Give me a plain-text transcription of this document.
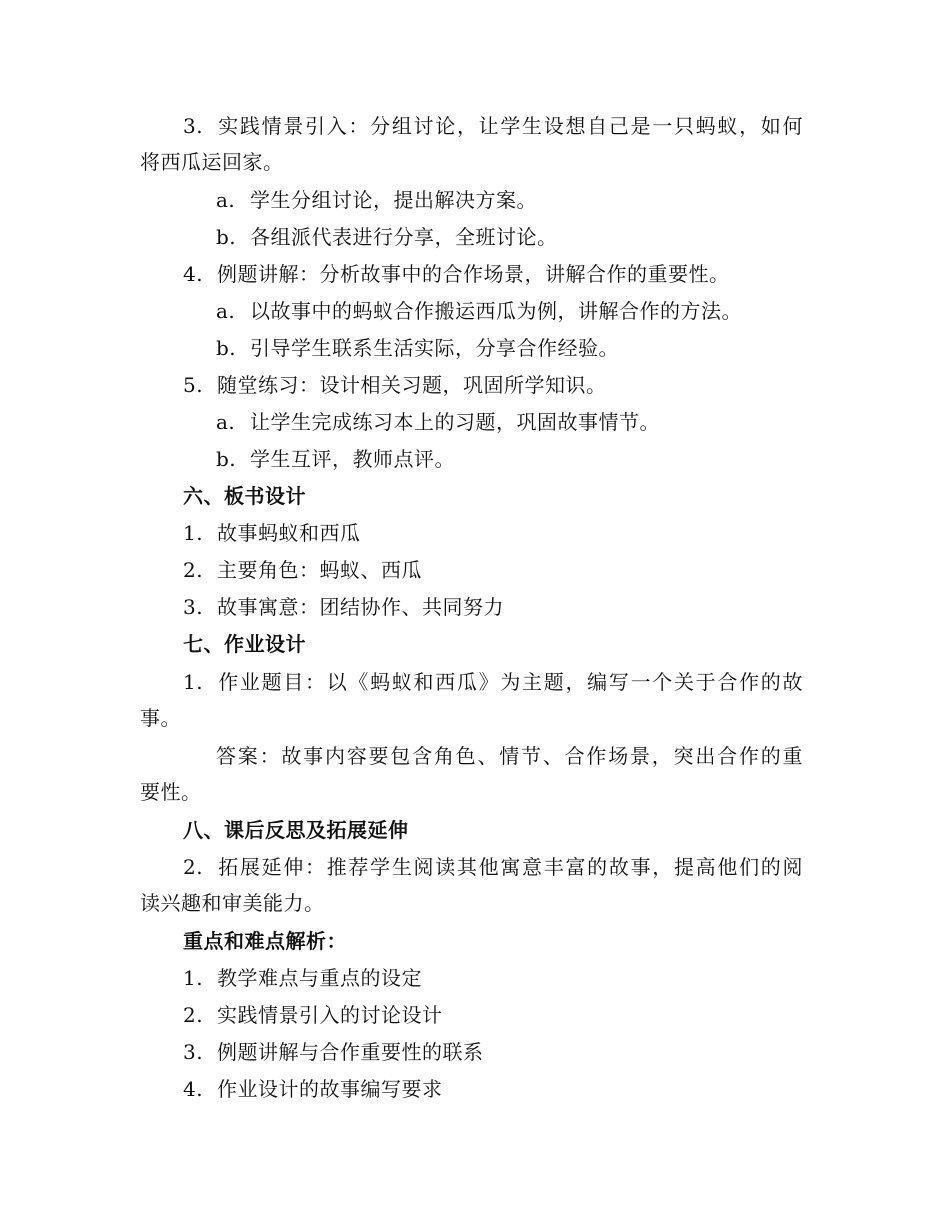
3. 实践情景引入：分组讨论，让学生设想自己是一只蚂蚁，如何
将西瓜运回家。
a. 学生分组讨论，提出解决方案。
b. 各组派代表进行分享，全班讨论。
4. 例题讲解：分析故事中的合作场景，讲解合作的重要性。
a. 以故事中的蚂蚁合作搬运西瓜为例，讲解合作的方法。
b. 引导学生联系生活实际，分享合作经验。
5. 随堂练习：设计相关习题，巩固所学知识。
a. 让学生完成练习本上的习题，巩固故事情节。
b. 学生互评，教师点评。
六、板书设计
1. 故事蚂蚁和西瓜
2. 主要角色：蚂蚁、西瓜
3. 故事寓意：团结协作、共同努力
七、作业设计
1. 作业题目：以《蚂蚁和西瓜》为主题，编写一个关于合作的故
事。
答案：故事内容要包含角色、情节、合作场景，突出合作的重
要性。
八、课后反思及拓展延伸
2. 拓展延伸：推荐学生阅读其他寓意丰富的故事，提高他们的阅
读兴趣和审美能力。
重点和难点解析：
1. 教学难点与重点的设定
2. 实践情景引入的讨论设计
3. 例题讲解与合作重要性的联系
4. 作业设计的故事编写要求
